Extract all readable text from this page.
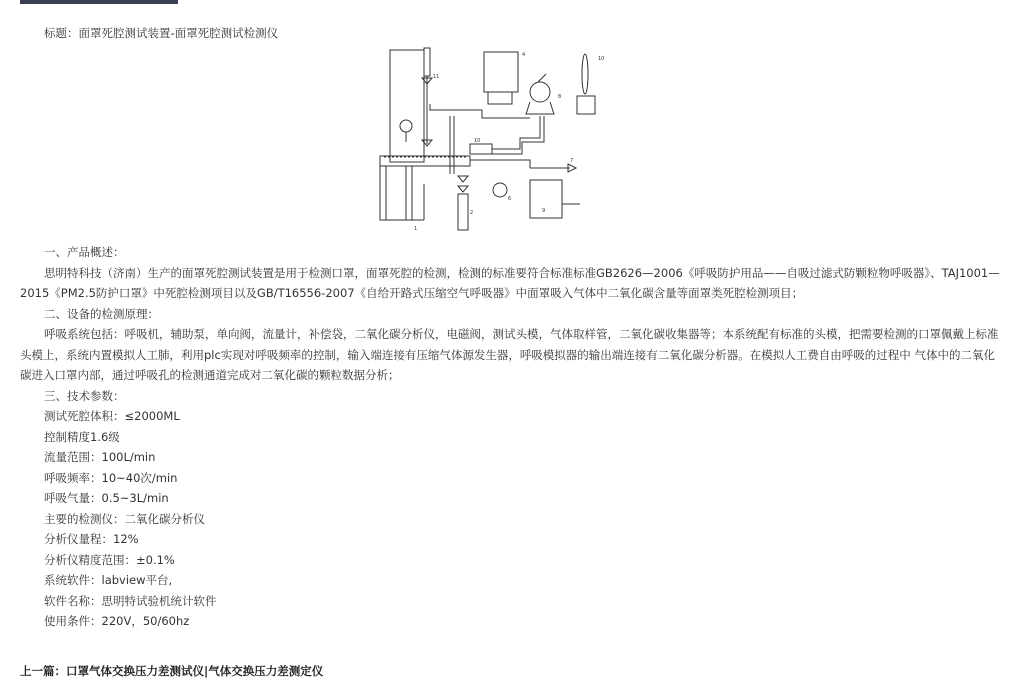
标题：面罩死腔测试装置-面罩死腔测试检测仪
4
11
10
8
10
7
6
9
2
1

一、产品概述：

思明特科技（济南）生产的面罩死腔测试装置是用于检测口罩，面罩死腔的检测，检测的标准要符合标准标准GB2626—2006《呼吸防护用品——自吸过滤式防颗粒物呼吸器》、TAJ1001—2015《PM2.5防护口罩》中死腔检测项目以及GB/T16556-2007《自给开路式压缩空气呼吸器》中面罩吸入气体中二氧化碳含量等面罩类死腔检测项目；

二、设备的检测原理：

呼吸系统包括：呼吸机，辅助泵，单向阀，流量计，补偿袋，二氧化碳分析仪，电磁阀，测试头模，气体取样管，二氧化碳收集器等；本系统配有标准的头模，把需要检测的口罩佩戴上标准头模上，系统内置模拟人工肺，利用plc实现对呼吸频率的控制，输入端连接有压缩气体源发生器，呼吸模拟器的输出端连接有二氧化碳分析器。在模拟人工费自由呼吸的过程中 气体中的二氧化碳进入口罩内部，通过呼吸孔的检测通道完成对二氧化碳的颗粒数据分析；

三、技术参数：

测试死腔体积：≤2000ML
控制精度1.6级
流量范围：100L/min
呼吸频率：10~40次/min
呼吸气量：0.5~3L/min
主要的检测仪：二氧化碳分析仪
分析仪量程：12%
分析仪精度范围：±0.1%
系统软件：labview平台,
软件名称：思明特试验机统计软件
使用条件：220V，50/60hz
上一篇：口罩气体交换压力差测试仪|气体交换压力差测定仪
